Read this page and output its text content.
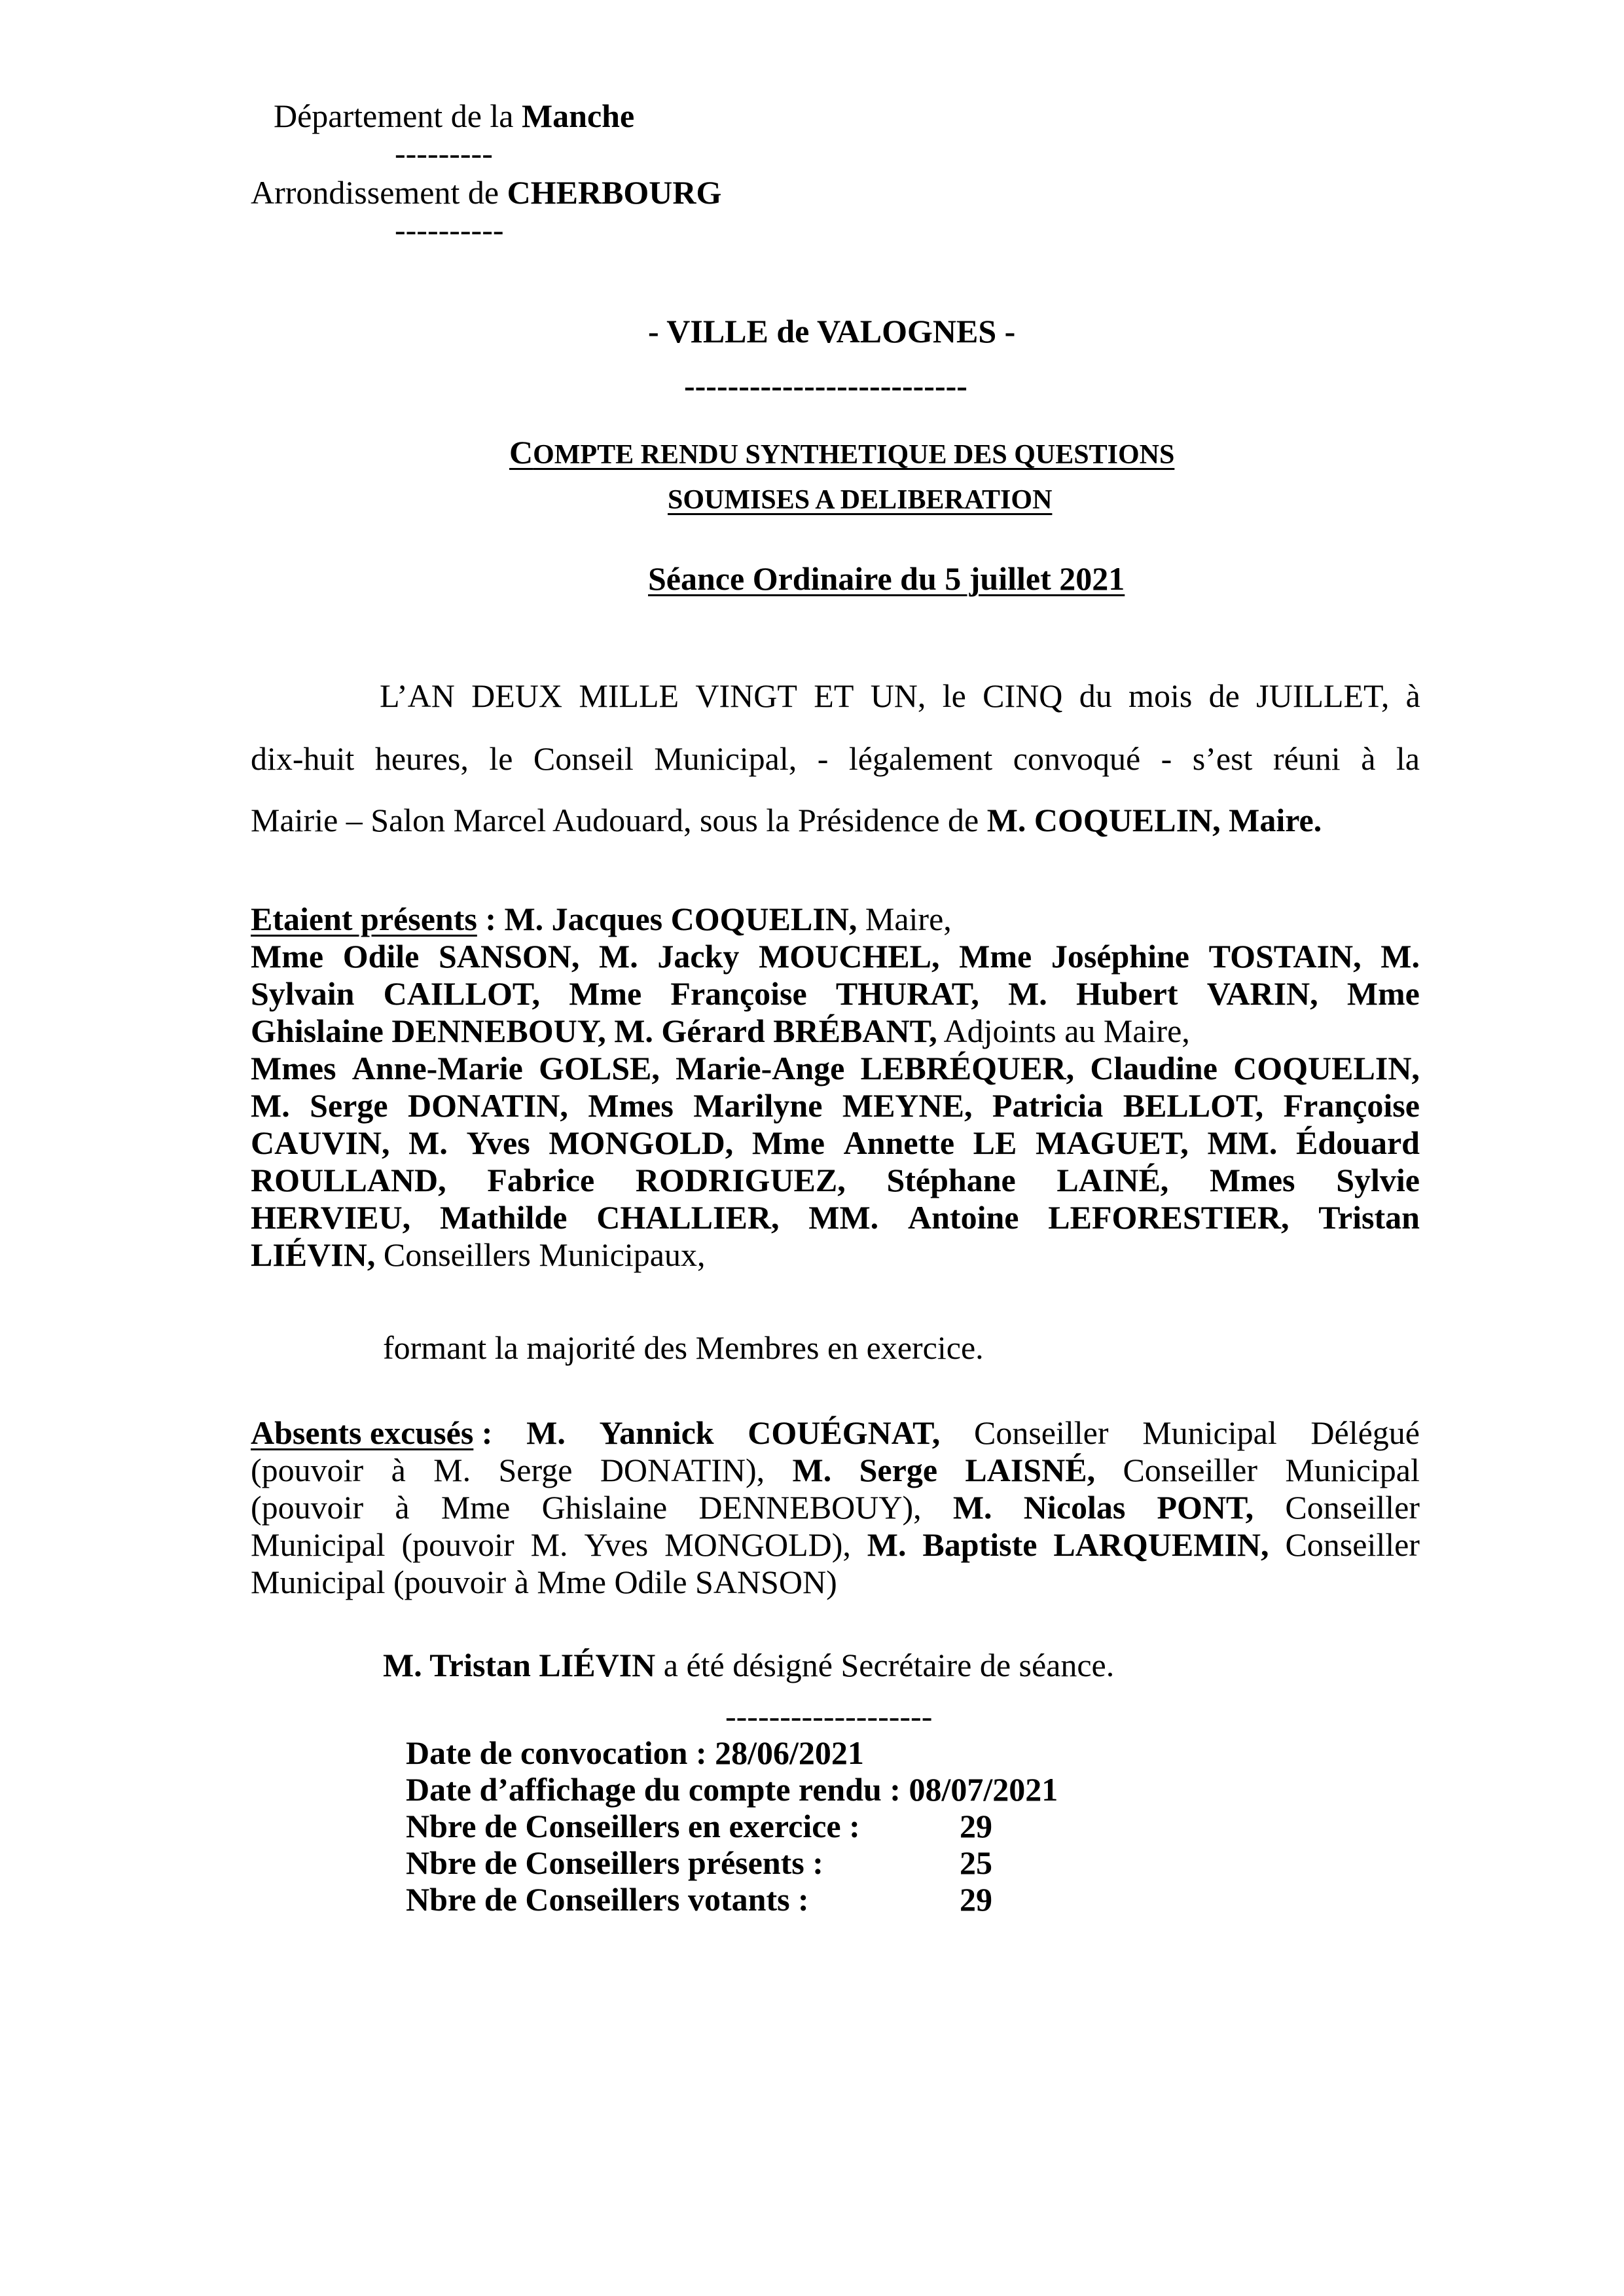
Département de la Manche
---------
Arrondissement de CHERBOURG
----------
- VILLE de VALOGNES -
--------------------------
COMPTE RENDU SYNTHETIQUE DES QUESTIONS
SOUMISES A DELIBERATION
Séance Ordinaire du 5 juillet 2021
L’AN DEUX MILLE VINGT ET UN, le CINQ du mois de JUILLET, à
dix-huit heures, le Conseil Municipal, - légalement convoqué - s’est réuni à la
Mairie – Salon Marcel Audouard, sous la Présidence de M. COQUELIN, Maire.
Etaient présents : M. Jacques COQUELIN, Maire,
Mme Odile SANSON, M. Jacky MOUCHEL, Mme Joséphine TOSTAIN, M.
Sylvain CAILLOT, Mme Françoise THURAT, M. Hubert VARIN, Mme
Ghislaine DENNEBOUY, M. Gérard BRÉBANT, Adjoints au Maire,
Mmes Anne-Marie GOLSE, Marie-Ange LEBRÉQUER, Claudine COQUELIN,
M. Serge DONATIN, Mmes Marilyne MEYNE, Patricia BELLOT, Françoise
CAUVIN, M. Yves MONGOLD, Mme Annette LE MAGUET, MM. Édouard
ROULLAND, Fabrice RODRIGUEZ, Stéphane LAINÉ, Mmes Sylvie
HERVIEU, Mathilde CHALLIER, MM. Antoine LEFORESTIER, Tristan
LIÉVIN, Conseillers Municipaux,
formant la majorité des Membres en exercice.
Absents excusés : M. Yannick COUÉGNAT, Conseiller Municipal Délégué
(pouvoir à M. Serge DONATIN), M. Serge LAISNÉ, Conseiller Municipal
(pouvoir à Mme Ghislaine DENNEBOUY), M. Nicolas PONT, Conseiller
Municipal (pouvoir M. Yves MONGOLD), M. Baptiste LARQUEMIN, Conseiller
Municipal (pouvoir à Mme Odile SANSON)
M. Tristan LIÉVIN a été désigné Secrétaire de séance.
-------------------
Date de convocation : 28/06/2021
Date d’affichage du compte rendu : 08/07/2021
Nbre de Conseillers en exercice :	29
Nbre de Conseillers présents :	25
Nbre de Conseillers votants :	29
